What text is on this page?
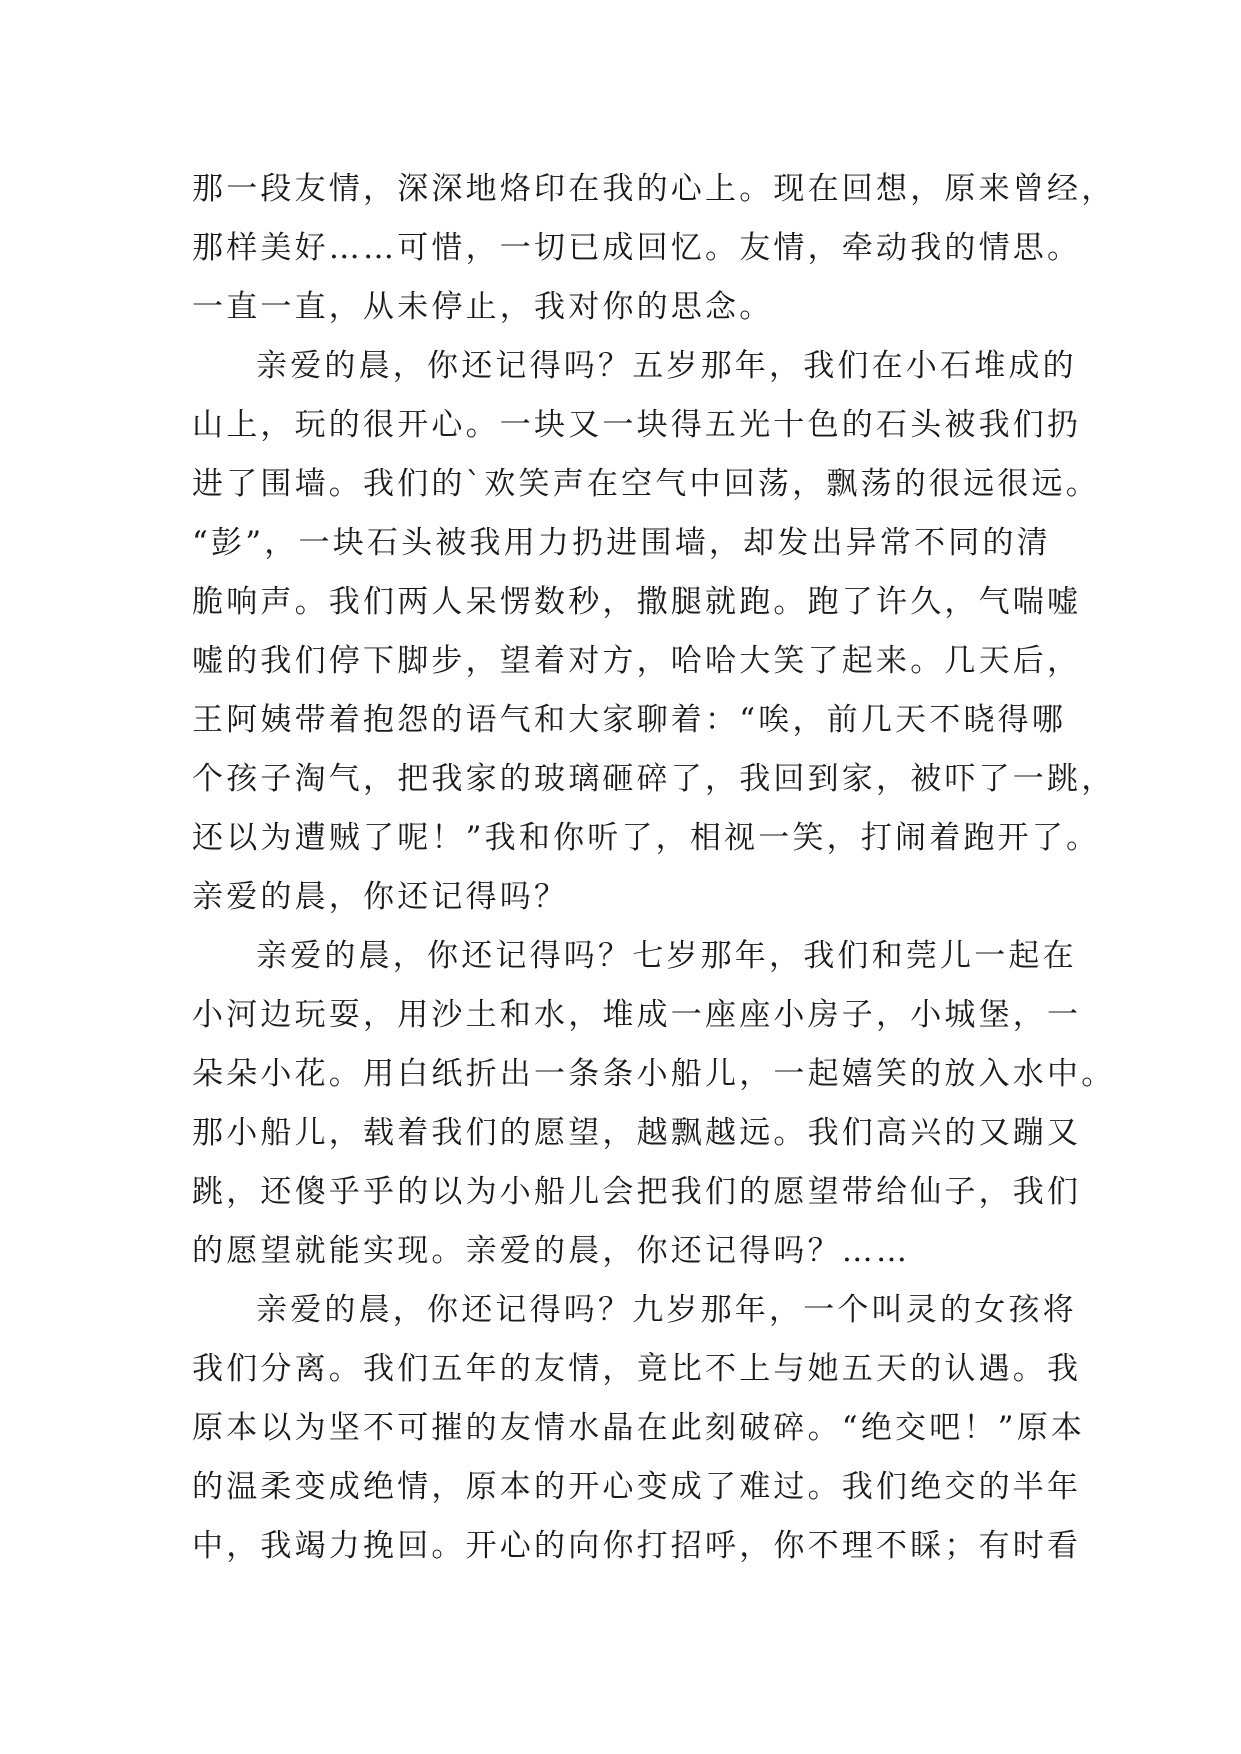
那一段友情，深深地烙印在我的心上。现在回想，原来曾经，
那样美好……可惜，一切已成回忆。友情，牵动我的情思。
一直一直，从未停止，我对你的思念。
亲爱的晨，你还记得吗？五岁那年，我们在小石堆成的
山上，玩的很开心。一块又一块得五光十色的石头被我们扔
进了围墙。我们的`欢笑声在空气中回荡，飘荡的很远很远。
“彭”，一块石头被我用力扔进围墙，却发出异常不同的清
脆响声。我们两人呆愣数秒，撒腿就跑。跑了许久，气喘嘘
嘘的我们停下脚步，望着对方，哈哈大笑了起来。几天后，
王阿姨带着抱怨的语气和大家聊着：“唉，前几天不晓得哪
个孩子淘气，把我家的玻璃砸碎了，我回到家，被吓了一跳，
还以为遭贼了呢！”我和你听了，相视一笑，打闹着跑开了。
亲爱的晨，你还记得吗？
亲爱的晨，你还记得吗？七岁那年，我们和莞儿一起在
小河边玩耍，用沙土和水，堆成一座座小房子，小城堡，一
朵朵小花。用白纸折出一条条小船儿，一起嬉笑的放入水中。
那小船儿，载着我们的愿望，越飘越远。我们高兴的又蹦又
跳，还傻乎乎的以为小船儿会把我们的愿望带给仙子，我们
的愿望就能实现。亲爱的晨，你还记得吗？……
亲爱的晨，你还记得吗？九岁那年，一个叫灵的女孩将
我们分离。我们五年的友情，竟比不上与她五天的认遇。我
原本以为坚不可摧的友情水晶在此刻破碎。“绝交吧！”原本
的温柔变成绝情，原本的开心变成了难过。我们绝交的半年
中，我竭力挽回。开心的向你打招呼，你不理不睬；有时看
